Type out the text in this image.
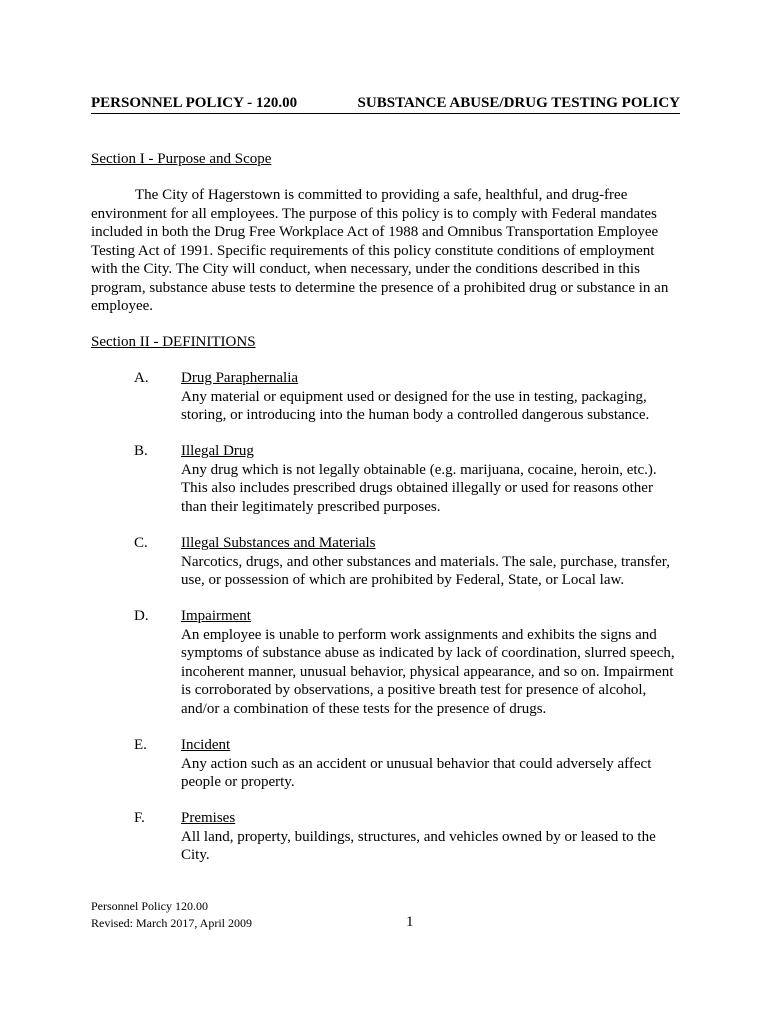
PERSONNEL POLICY - 120.00	SUBSTANCE ABUSE/DRUG TESTING POLICY
Section I - Purpose and Scope
The City of Hagerstown is committed to providing a safe, healthful, and drug-free environment for all employees. The purpose of this policy is to comply with Federal mandates included in both the Drug Free Workplace Act of 1988 and Omnibus Transportation Employee Testing Act of 1991. Specific requirements of this policy constitute conditions of employment with the City. The City will conduct, when necessary, under the conditions described in this program, substance abuse tests to determine the presence of a prohibited drug or substance in an employee.
Section II - DEFINITIONS
A. Drug Paraphernalia
Any material or equipment used or designed for the use in testing, packaging, storing, or introducing into the human body a controlled dangerous substance.
B. Illegal Drug
Any drug which is not legally obtainable (e.g. marijuana, cocaine, heroin, etc.). This also includes prescribed drugs obtained illegally or used for reasons other than their legitimately prescribed purposes.
C. Illegal Substances and Materials
Narcotics, drugs, and other substances and materials. The sale, purchase, transfer, use, or possession of which are prohibited by Federal, State, or Local law.
D. Impairment
An employee is unable to perform work assignments and exhibits the signs and symptoms of substance abuse as indicated by lack of coordination, slurred speech, incoherent manner, unusual behavior, physical appearance, and so on. Impairment is corroborated by observations, a positive breath test for presence of alcohol, and/or a combination of these tests for the presence of drugs.
E. Incident
Any action such as an accident or unusual behavior that could adversely affect people or property.
F. Premises
All land, property, buildings, structures, and vehicles owned by or leased to the City.
Personnel Policy 120.00
Revised: March 2017, April 2009	1
